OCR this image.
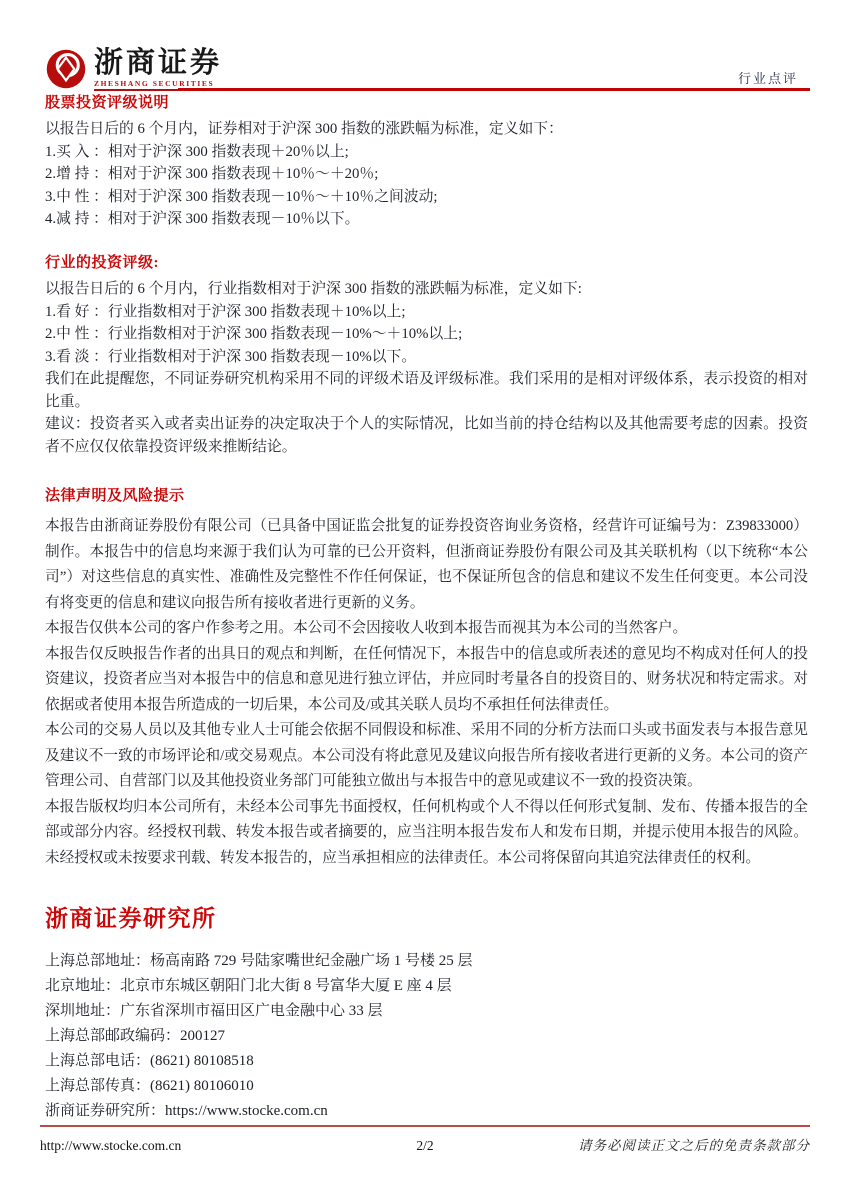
浙商证券
ZHESHANG SECURITIES	行业点评
股票投资评级说明

以报告日后的 6 个月内，证券相对于沪深 300 指数的涨跌幅为标准，定义如下：

1.买 入 ：相对于沪深 300 指数表现＋20％以上;

2.增 持 ：相对于沪深 300 指数表现＋10％～＋20％;

3.中 性 ：相对于沪深 300 指数表现－10％～＋10％之间波动;

4.减 持 ：相对于沪深 300 指数表现－10％以下。

行业的投资评级:

以报告日后的 6 个月内，行业指数相对于沪深 300 指数的涨跌幅为标准，定义如下:

1.看 好 ：行业指数相对于沪深 300 指数表现＋10%以上;

2.中 性 ：行业指数相对于沪深 300 指数表现－10%～＋10%以上;

3.看 淡 ：行业指数相对于沪深 300 指数表现－10%以下。

我们在此提醒您，不同证券研究机构采用不同的评级术语及评级标准。我们采用的是相对评级体系，表示投资的相对比重。

建议：投资者买入或者卖出证券的决定取决于个人的实际情况，比如当前的持仓结构以及其他需要考虑的因素。投资者不应仅仅依靠投资评级来推断结论。

法律声明及风险提示

本报告由浙商证券股份有限公司（已具备中国证监会批复的证券投资咨询业务资格，经营许可证编号为：Z39833000）制作。本报告中的信息均来源于我们认为可靠的已公开资料，但浙商证券股份有限公司及其关联机构（以下统称“本公司”）对这些信息的真实性、准确性及完整性不作任何保证，也不保证所包含的信息和建议不发生任何变更。本公司没有将变更的信息和建议向报告所有接收者进行更新的义务。

本报告仅供本公司的客户作参考之用。本公司不会因接收人收到本报告而视其为本公司的当然客户。

本报告仅反映报告作者的出具日的观点和判断，在任何情况下，本报告中的信息或所表述的意见均不构成对任何人的投资建议，投资者应当对本报告中的信息和意见进行独立评估，并应同时考量各自的投资目的、财务状况和特定需求。对依据或者使用本报告所造成的一切后果，本公司及/或其关联人员均不承担任何法律责任。

本公司的交易人员以及其他专业人士可能会依据不同假设和标准、采用不同的分析方法而口头或书面发表与本报告意见及建议不一致的市场评论和/或交易观点。本公司没有将此意见及建议向报告所有接收者进行更新的义务。本公司的资产管理公司、自营部门以及其他投资业务部门可能独立做出与本报告中的意见或建议不一致的投资决策。

本报告版权均归本公司所有，未经本公司事先书面授权，任何机构或个人不得以任何形式复制、发布、传播本报告的全部或部分内容。经授权刊载、转发本报告或者摘要的，应当注明本报告发布人和发布日期，并提示使用本报告的风险。未经授权或未按要求刊载、转发本报告的，应当承担相应的法律责任。本公司将保留向其追究法律责任的权利。

浙商证券研究所

上海总部地址：杨高南路 729 号陆家嘴世纪金融广场 1 号楼 25 层

北京地址：北京市东城区朝阳门北大街 8 号富华大厦 E 座 4 层

深圳地址：广东省深圳市福田区广电金融中心 33 层

上海总部邮政编码：200127

上海总部电话：(8621) 80108518

上海总部传真：(8621) 80106010

浙商证券研究所：https://www.stocke.com.cn

http://www.stocke.com.cn	2/2	请务必阅读正文之后的免责条款部分
